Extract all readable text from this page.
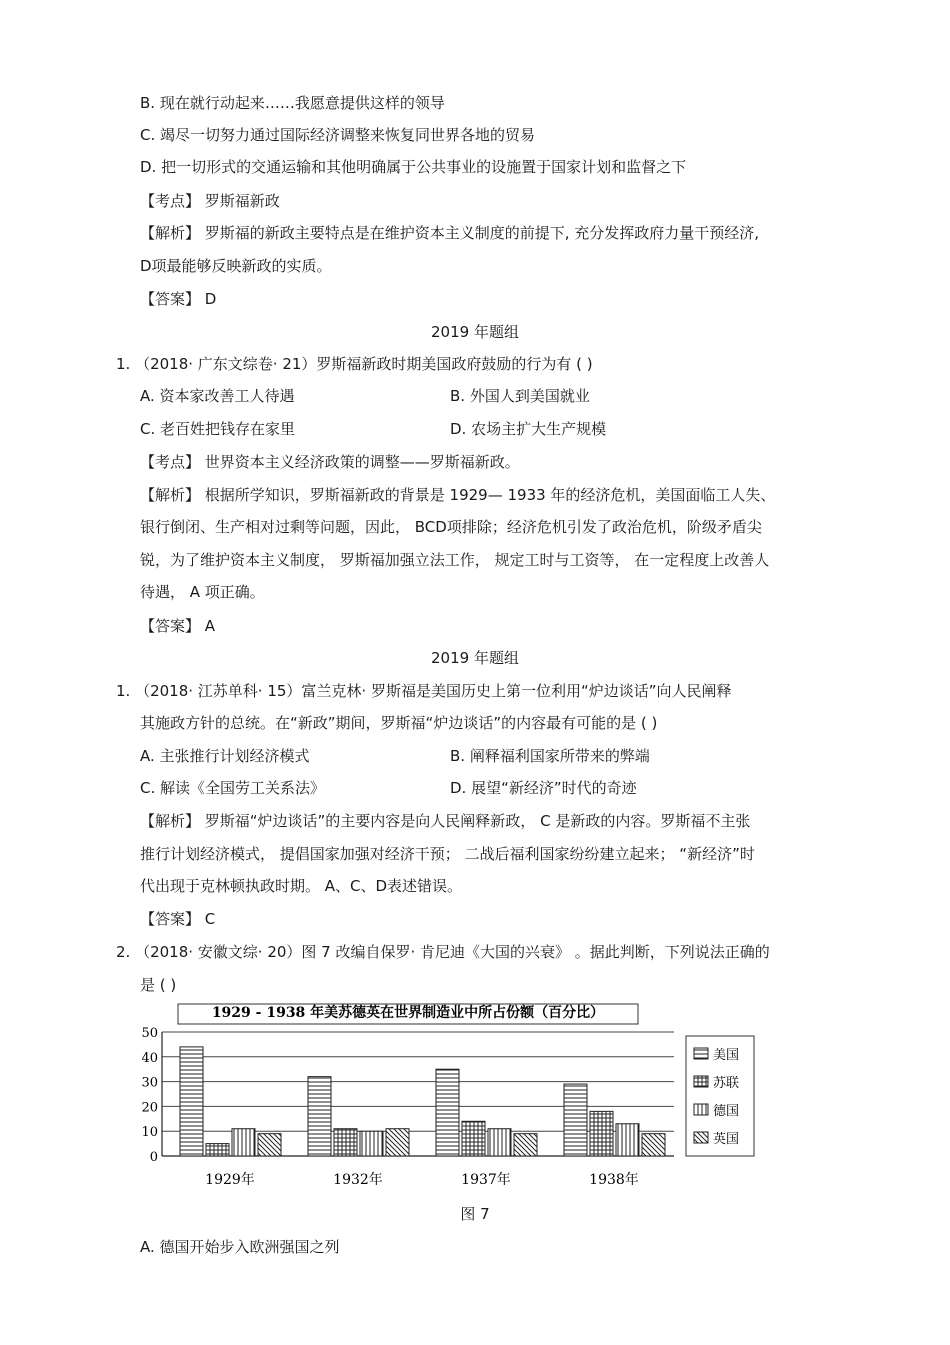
B. 现在就行动起来……我愿意提供这样的领导
C. 竭尽一切努力通过国际经济调整来恢复同世界各地的贸易
D. 把一切形式的交通运输和其他明确属于公共事业的设施置于国家计划和监督之下
【考点】 罗斯福新政
【解析】 罗斯福的新政主要特点是在维护资本主义制度的前提下, 充分发挥政府力量干预经济,
D项最能够反映新政的实质。
【答案】 D
2019 年题组
1. （2018· 广东文综卷· 21）罗斯福新政时期美国政府鼓励的行为有 ( )
A. 资本家改善工人待遇	B. 外国人到美国就业
C. 老百姓把钱存在家里	D. 农场主扩大生产规模
【考点】 世界资本主义经济政策的调整——罗斯福新政。
【解析】 根据所学知识，罗斯福新政的背景是 1929— 1933 年的经济危机，美国面临工人失、
银行倒闭、生产相对过剩等问题，因此， BCD项排除；经济危机引发了政治危机，阶级矛盾尖
锐，为了维护资本主义制度， 罗斯福加强立法工作， 规定工时与工资等， 在一定程度上改善人
待遇， A 项正确。
【答案】 A
2019 年题组
1. （2018· 江苏单科· 15）富兰克林· 罗斯福是美国历史上第一位利用“炉边谈话”向人民阐释
其施政方针的总统。在“新政”期间，罗斯福“炉边谈话”的内容最有可能的是 ( )
A. 主张推行计划经济模式	B. 阐释福利国家所带来的弊端
C. 解读《全国劳工关系法》	D. 展望“新经济”时代的奇迹
【解析】 罗斯福“炉边谈话”的主要内容是向人民阐释新政， C 是新政的内容。罗斯福不主张
推行计划经济模式， 提倡国家加强对经济干预； 二战后福利国家纷纷建立起来； “新经济”时
代出现于克林顿执政时期。 A、C、D表述错误。
【答案】 C
2. （2018· 安徽文综· 20）图 7 改编自保罗· 肯尼迪《大国的兴衰》 。据此判断，下列说法正确的
是 ( )
1929 - 1938 年美苏德英在世界制造业中所占份额（百分比）
0
10
20
30
40
50
1929年	1932年	1937年	1938年
美国
苏联
德国
英国
图 7
A. 德国开始步入欧洲强国之列
